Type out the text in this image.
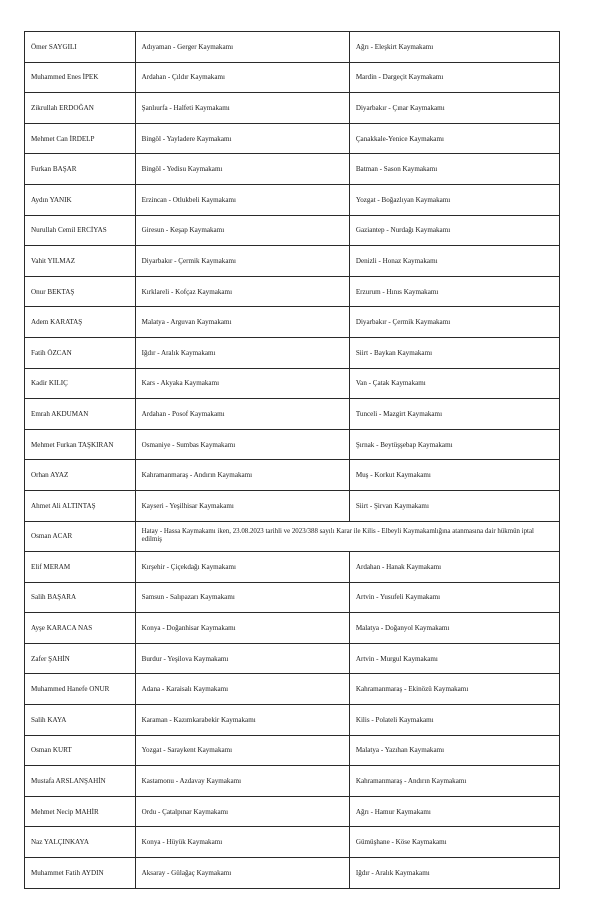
Ömer SAYGILI	Adıyaman - Gerger Kaymakamı	Ağrı - Eleşkirt Kaymakamı
Muhammed Enes İPEK	Ardahan - Çıldır Kaymakamı	Mardin - Dargeçit Kaymakamı
Zikrullah ERDOĞAN	Şanlıurfa - Halfeti Kaymakamı	Diyarbakır - Çınar Kaymakamı
Mehmet Can İRDELP	Bingöl - Yayladere Kaymakamı	Çanakkale-Yenice Kaymakamı
Furkan BAŞAR	Bingöl - Yedisu Kaymakamı	Batman - Sason Kaymakamı
Aydın YANIK	Erzincan - Otlukbeli Kaymakamı	Yozgat - Boğazlıyan Kaymakamı
Nurullah Cemil ERCİYAS	Giresun - Keşap Kaymakamı	Gaziantep - Nurdağı Kaymakamı
Vahit YILMAZ	Diyarbakır - Çermik Kaymakamı	Denizli - Honaz Kaymakamı
Onur BEKTAŞ	Kırklareli - Kofçaz Kaymakamı	Erzurum - Hınıs Kaymakamı
Adem KARATAŞ	Malatya - Arguvan Kaymakamı	Diyarbakır - Çermik Kaymakamı
Fatih ÖZCAN	Iğdır - Aralık Kaymakamı	Siirt - Baykan Kaymakamı
Kadir KILIÇ	Kars - Akyaka Kaymakamı	Van - Çatak Kaymakamı
Emrah AKDUMAN	Ardahan - Posof Kaymakamı	Tunceli - Mazgirt Kaymakamı
Mehmet Furkan TAŞKIRAN	Osmaniye - Sumbas Kaymakamı	Şırnak - Beytüşşebap Kaymakamı
Orhan AYAZ	Kahramanmaraş - Andırın Kaymakamı	Muş - Korkut Kaymakamı
Ahmet Ali ALTINTAŞ	Kayseri - Yeşilhisar Kaymakamı	Siirt - Şirvan Kaymakamı
Osman ACAR	Hatay - Hassa Kaymakamı iken, 23.08.2023 tarihli ve 2023/388 sayılı Karar ile Kilis - Elbeyli Kaymakamlığına atanmasına dair hükmün iptal edilmiş	
Elif MERAM	Kırşehir - Çiçekdağı Kaymakamı	Ardahan - Hanak Kaymakamı
Salih BAŞARA	Samsun - Salıpazarı Kaymakamı	Artvin - Yusufeli Kaymakamı
Ayşe KARACA NAS	Konya - Doğanhisar Kaymakamı	Malatya - Doğanyol Kaymakamı
Zafer ŞAHİN	Burdur - Yeşilova Kaymakamı	Artvin - Murgul Kaymakamı
Muhammed Hanefe ONUR	Adana - Karaisalı Kaymakamı	Kahramanmaraş - Ekinözü Kaymakamı
Salih KAYA	Karaman - Kazımkarabekir Kaymakamı	Kilis - Polateli Kaymakamı
Osman KURT	Yozgat - Saraykent Kaymakamı	Malatya - Yazıhan Kaymakamı
Mustafa ARSLANŞAHİN	Kastamonu - Azdavay Kaymakamı	Kahramanmaraş - Andırın Kaymakamı
Mehmet Necip MAHİR	Ordu - Çatalpınar Kaymakamı	Ağrı - Hamur Kaymakamı
Naz YALÇINKAYA	Konya - Hüyük Kaymakamı	Gümüşhane - Köse Kaymakamı
Muhammet Fatih AYDIN	Aksaray - Gülağaç Kaymakamı	Iğdır - Aralık Kaymakamı
